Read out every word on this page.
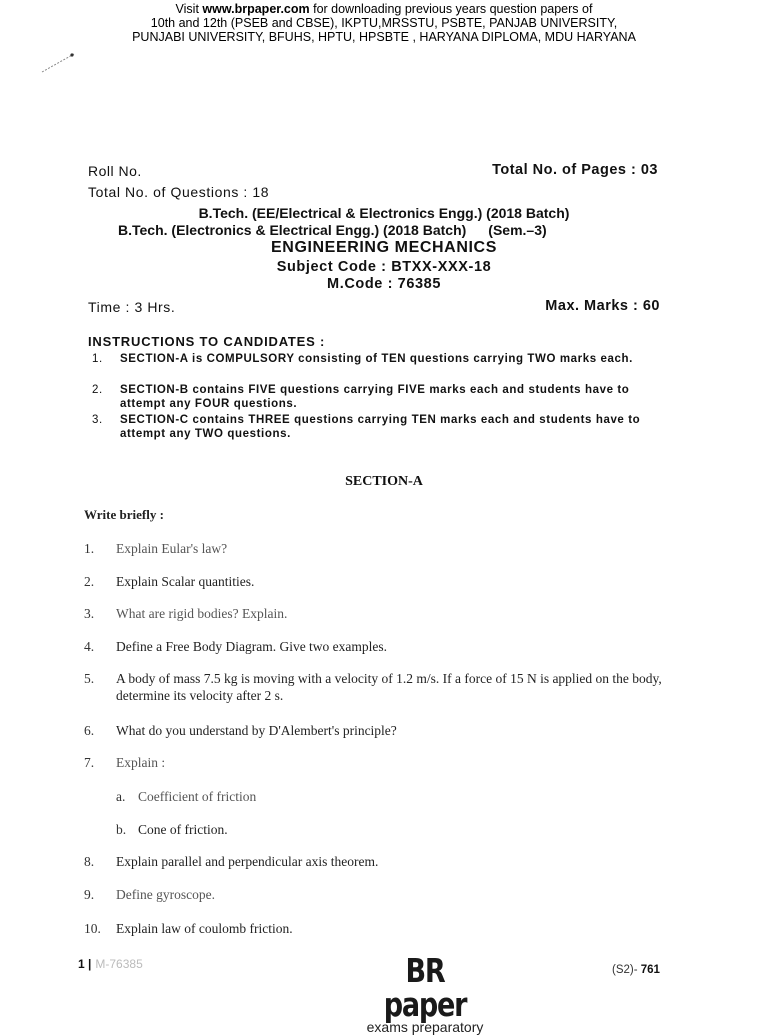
Visit www.brpaper.com for downloading previous years question papers of
10th and 12th (PSEB and CBSE), IKPTU,MRSSTU, PSBTE, PANJAB UNIVERSITY,
PUNJABI UNIVERSITY, BFUHS, HPTU, HPSBTE , HARYANA DIPLOMA, MDU HARYANA
Roll No.	Total No. of Pages : 03
Total No. of Questions : 18
B.Tech. (EE/Electrical & Electronics Engg.) (2018 Batch)
B.Tech. (Electronics & Electrical Engg.) (2018 Batch) (Sem.–3)
ENGINEERING MECHANICS
Subject Code : BTXX-XXX-18
M.Code : 76385
Time : 3 Hrs.	Max. Marks : 60
INSTRUCTIONS TO CANDIDATES :
1. SECTION-A is COMPULSORY consisting of TEN questions carrying TWO marks each.
2. SECTION-B contains FIVE questions carrying FIVE marks each and students have to attempt any FOUR questions.
3. SECTION-C contains THREE questions carrying TEN marks each and students have to attempt any TWO questions.
SECTION-A
Write briefly :
1. Explain Eular's law?
2. Explain Scalar quantities.
3. What are rigid bodies? Explain.
4. Define a Free Body Diagram. Give two examples.
5. A body of mass 7.5 kg is moving with a velocity of 1.2 m/s. If a force of 15 N is applied on the body, determine its velocity after 2 s.
6. What do you understand by D'Alembert's principle?
7. Explain :
a. Coefficient of friction
b. Cone of friction.
8. Explain parallel and perpendicular axis theorem.
9. Define gyroscope.
10. Explain law of coulomb friction.
1 | M-76385	BR paper
exams preparatory
(S2)- 761
